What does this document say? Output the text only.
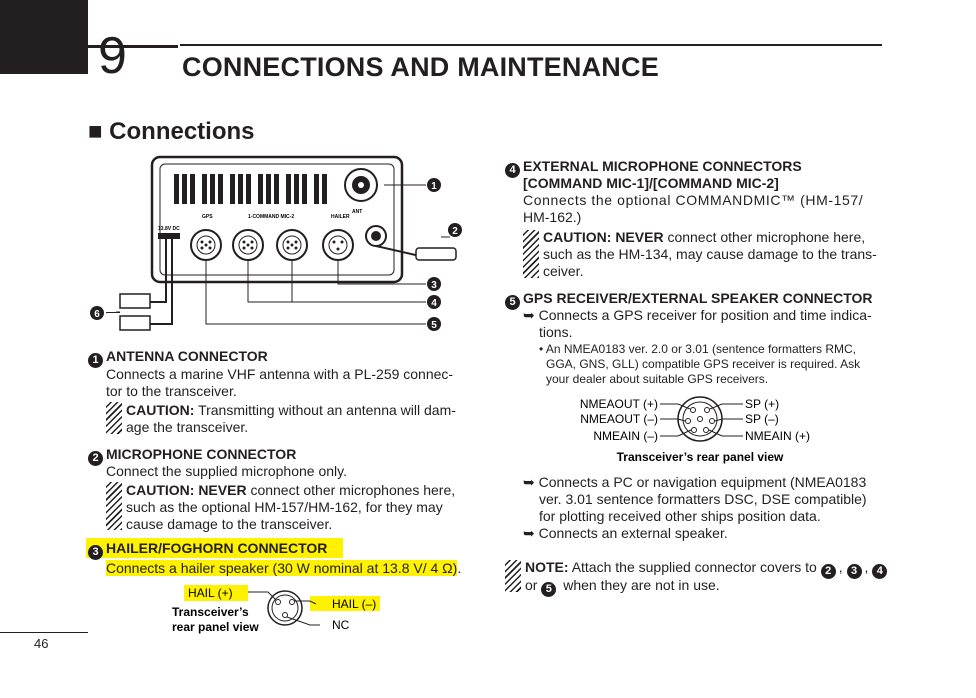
9 CONNECTIONS AND MAINTENANCE
■ Connections
ANT
GPS	1-COMMAND MIC-2	HAILER
13.8V DC
1
2
3
4
5
6
1 ANTENNA CONNECTOR
Connects a marine VHF antenna with a PL-259 connec-
tor to the transceiver.
CAUTION: Transmitting without an antenna will dam-
age the transceiver.
2 MICROPHONE CONNECTOR
Connect the supplied microphone only.
CAUTION: NEVER connect other microphones here,
such as the optional HM-157/HM-162, for they may
cause damage to the transceiver.
3 HAILER/FOGHORN CONNECTOR
Connects a hailer speaker (30 W nominal at 13.8 V/ 4 Ω).
HAIL (+)
HAIL (–)
NC
Transceiver’s
rear panel view
4 EXTERNAL MICROPHONE CONNECTORS
[COMMAND MIC-1]/[COMMAND MIC-2]
Connects the optional COMMANDMIC™ (HM-157/
HM-162.)
CAUTION: NEVER connect other microphone here,
such as the HM-134, may cause damage to the trans-
ceiver.
5 GPS RECEIVER/EXTERNAL SPEAKER CONNECTOR
➥ Connects a GPS receiver for position and time indica-
tions.
• An NMEA0183 ver. 2.0 or 3.01 (sentence formatters RMC,
GGA, GNS, GLL) compatible GPS receiver is required. Ask
your dealer about suitable GPS receivers.
NMEAOUT (+)
NMEAOUT (–)
NMEAIN (–)
SP (+)
SP (–)
NMEAIN (+)
Transceiver’s rear panel view
➥ Connects a PC or navigation equipment (NMEA0183
ver. 3.01 sentence formatters DSC, DSE compatible)
for plotting received other ships position data.
➥ Connects an external speaker.
NOTE: Attach the supplied connector covers to 2 , 3 , 4
or 5 when they are not in use.
46
